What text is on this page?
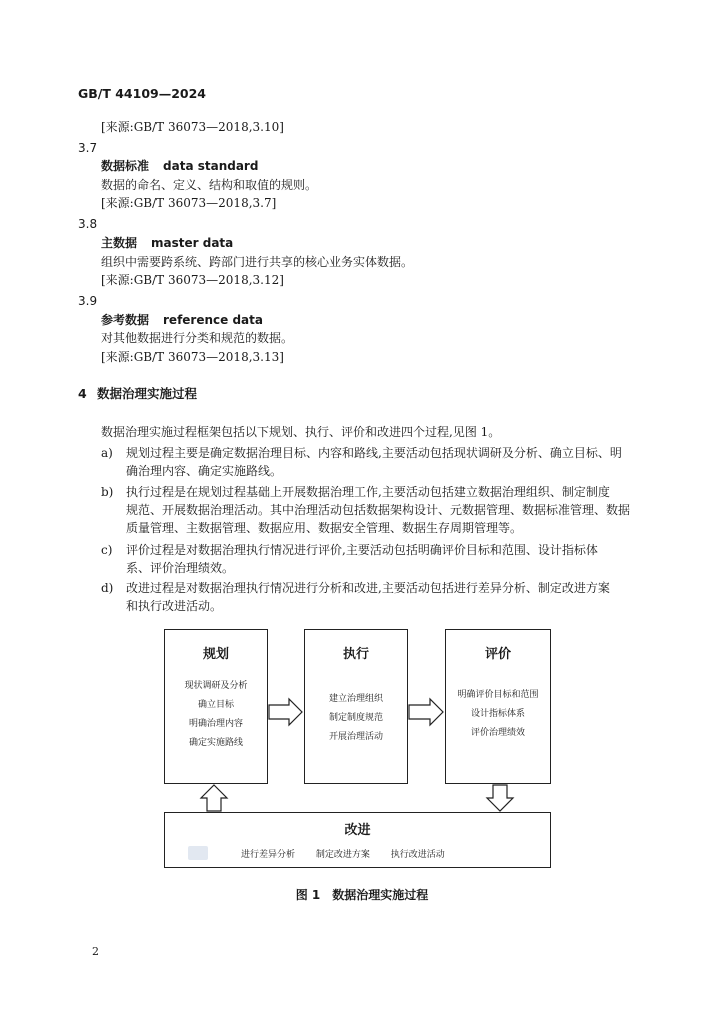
GB/T 44109—2024
[来源:GB/T 36073—2018,3.10]
3.7
数据标准 data standard
数据的命名、定义、结构和取值的规则。
[来源:GB/T 36073—2018,3.7]
3.8
主数据 master data
组织中需要跨系统、跨部门进行共享的核心业务实体数据。
[来源:GB/T 36073—2018,3.12]
3.9
参考数据 reference data
对其他数据进行分类和规范的数据。
[来源:GB/T 36073—2018,3.13]
4 数据治理实施过程
数据治理实施过程框架包括以下规划、执行、评价和改进四个过程,见图 1。
a) 规划过程主要是确定数据治理目标、内容和路线,主要活动包括现状调研及分析、确立目标、明
确治理内容、确定实施路线。
b) 执行过程是在规划过程基础上开展数据治理工作,主要活动包括建立数据治理组织、制定制度
规范、开展数据治理活动。其中治理活动包括数据架构设计、元数据管理、数据标准管理、数据
质量管理、主数据管理、数据应用、数据安全管理、数据生存周期管理等。
c) 评价过程是对数据治理执行情况进行评价,主要活动包括明确评价目标和范围、设计指标体
系、评价治理绩效。
d) 改进过程是对数据治理执行情况进行分析和改进,主要活动包括进行差异分析、制定改进方案
和执行改进活动。
规划
现状调研及分析
确立目标
明确治理内容
确定实施路线
执行
建立治理组织
制定制度规范
开展治理活动
评价
明确评价目标和范围
设计指标体系
评价治理绩效
改进
进行差异分析 制定改进方案 执行改进活动
图 1　数据治理实施过程
2
